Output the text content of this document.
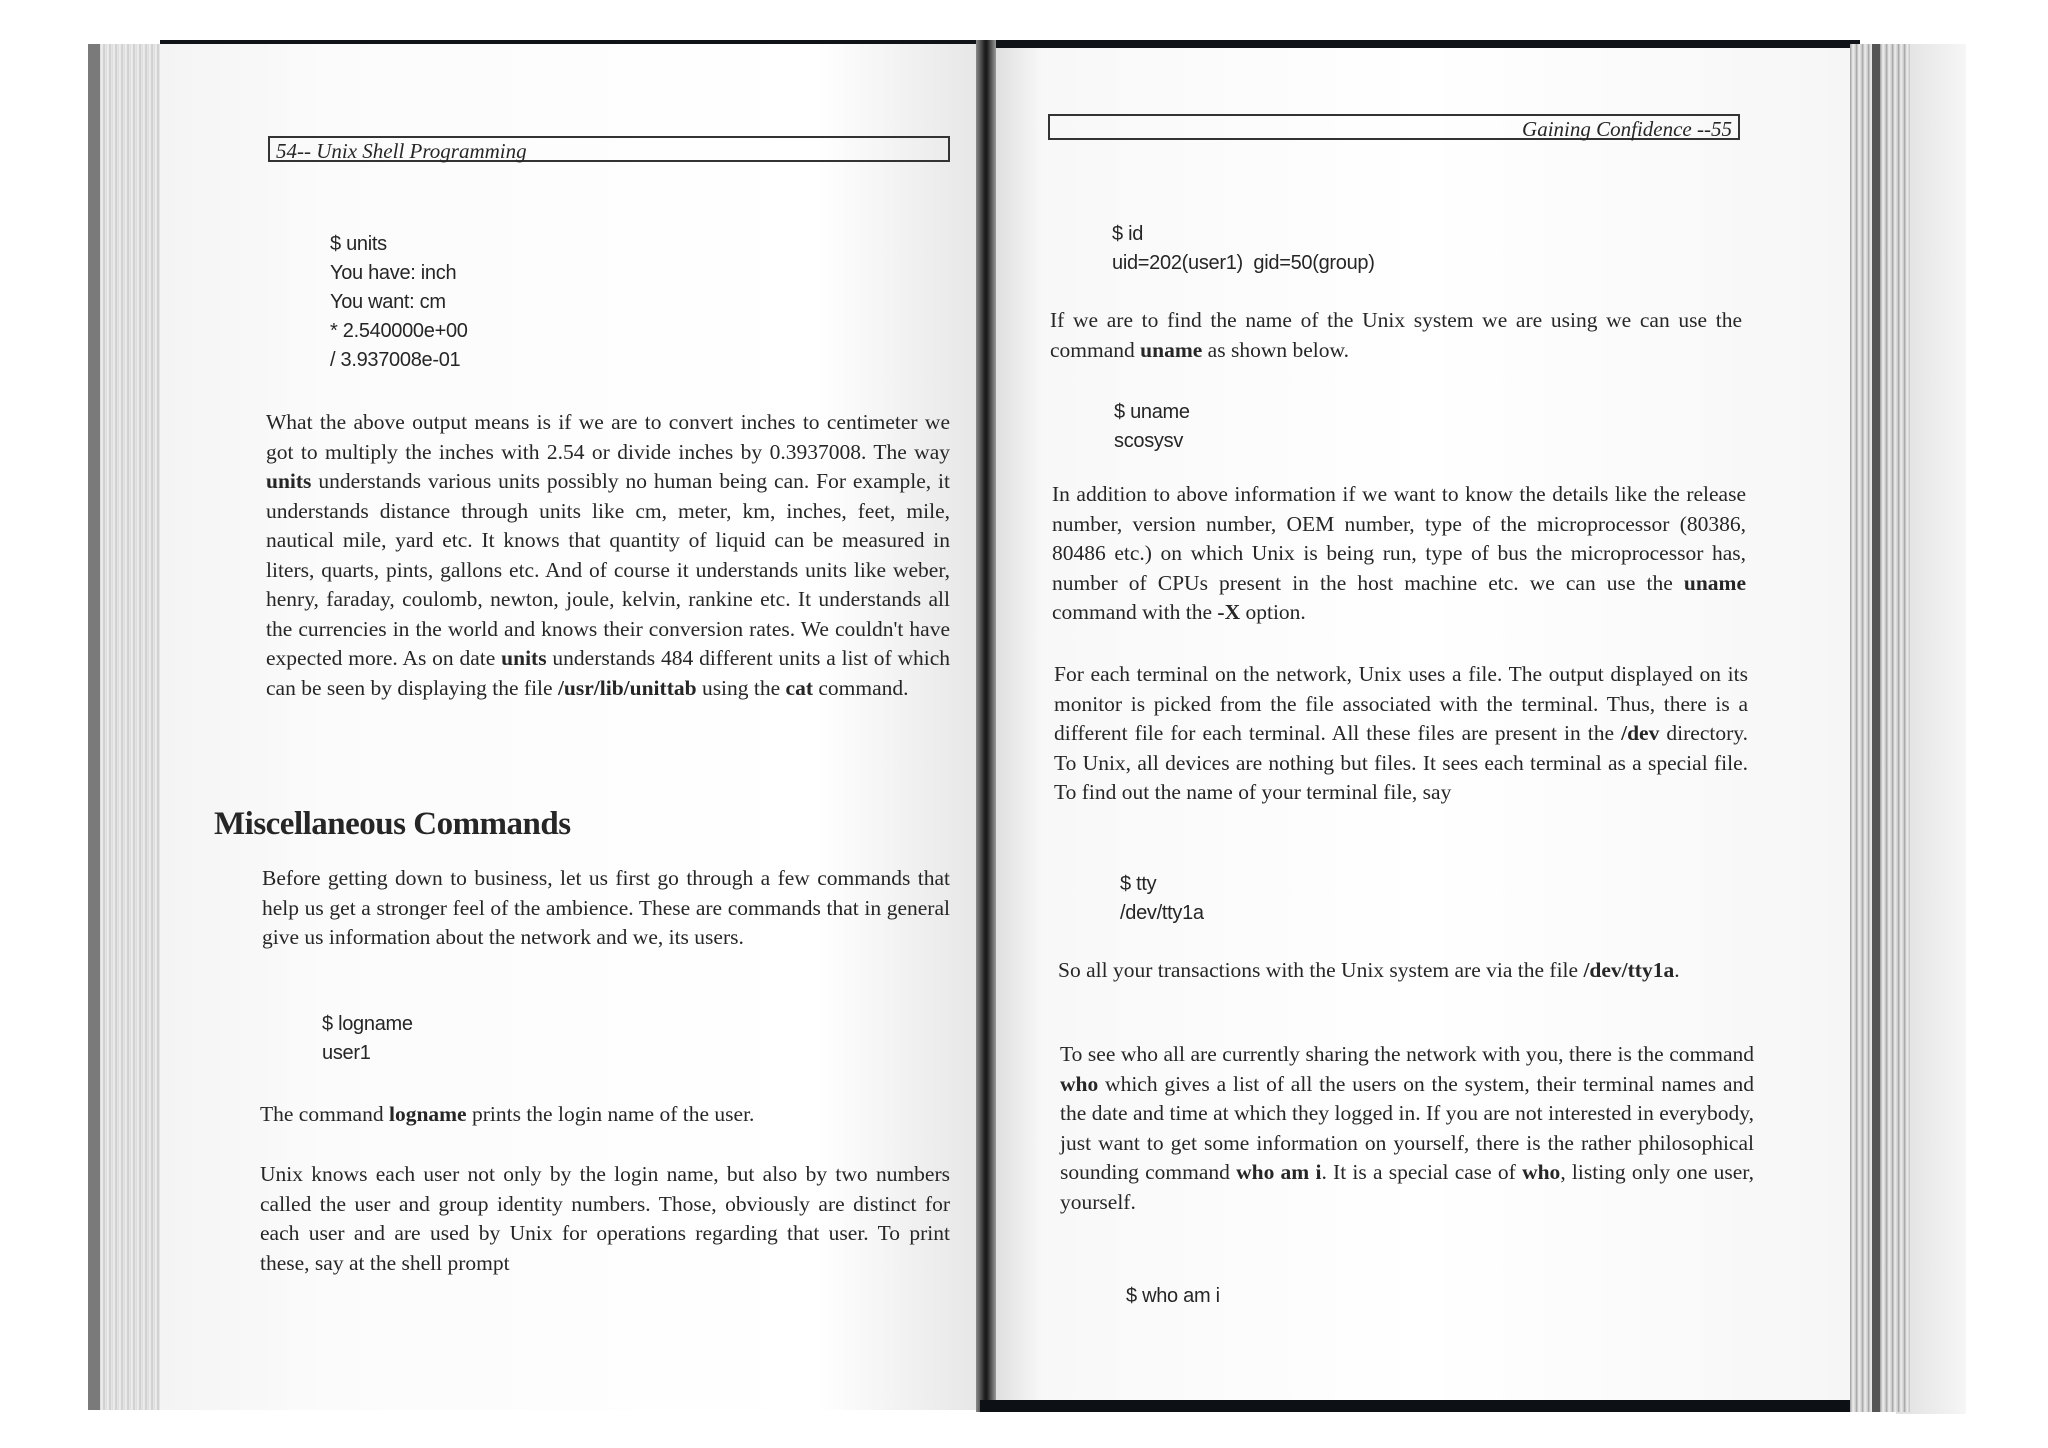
54-- Unix Shell Programming
$ units
You have: inch
You want: cm
* 2.540000e+00
/ 3.937008e-01

What the above output means is if we are to convert inches to centimeter we got to multiply the inches with 2.54 or divide inches by 0.3937008. The way units understands various units possibly no human being can. For example, it understands distance through units like cm, meter, km, inches, feet, mile, nautical mile, yard etc. It knows that quantity of liquid can be measured in liters, quarts, pints, gallons etc. And of course it understands units like weber, henry, faraday, coulomb, newton, joule, kelvin, rankine etc. It understands all the currencies in the world and knows their conversion rates. We couldn't have expected more. As on date units understands 484 different units a list of which can be seen by displaying the file /usr/lib/unittab using the cat command.

Miscellaneous Commands

Before getting down to business, let us first go through a few commands that help us get a stronger feel of the ambience. These are commands that in general give us information about the network and we, its users.

$ logname
user1

The command logname prints the login name of the user.

Unix knows each user not only by the login name, but also by two numbers called the user and group identity numbers. Those, obviously are distinct for each user and are used by Unix for operations regarding that user. To print these, say at the shell prompt

Gaining Confidence --55
$ id
uid=202(user1)  gid=50(group)

If we are to find the name of the Unix system we are using we can use the command uname as shown below.

$ uname
scosysv

In addition to above information if we want to know the details like the release number, version number, OEM number, type of the microprocessor (80386, 80486 etc.) on which Unix is being run, type of bus the microprocessor has, number of CPUs present in the host machine etc. we can use the uname command with the -X option.

For each terminal on the network, Unix uses a file. The output displayed on its monitor is picked from the file associated with the terminal. Thus, there is a different file for each terminal. All these files are present in the /dev directory. To Unix, all devices are nothing but files. It sees each terminal as a special file. To find out the name of your terminal file, say

$ tty
/dev/tty1a

So all your transactions with the Unix system are via the file /dev/tty1a.

To see who all are currently sharing the network with you, there is the command who which gives a list of all the users on the system, their terminal names and the date and time at which they logged in. If you are not interested in everybody, just want to get some information on yourself, there is the rather philosophical sounding command who am i. It is a special case of who, listing only one user, yourself.

$ who am i
